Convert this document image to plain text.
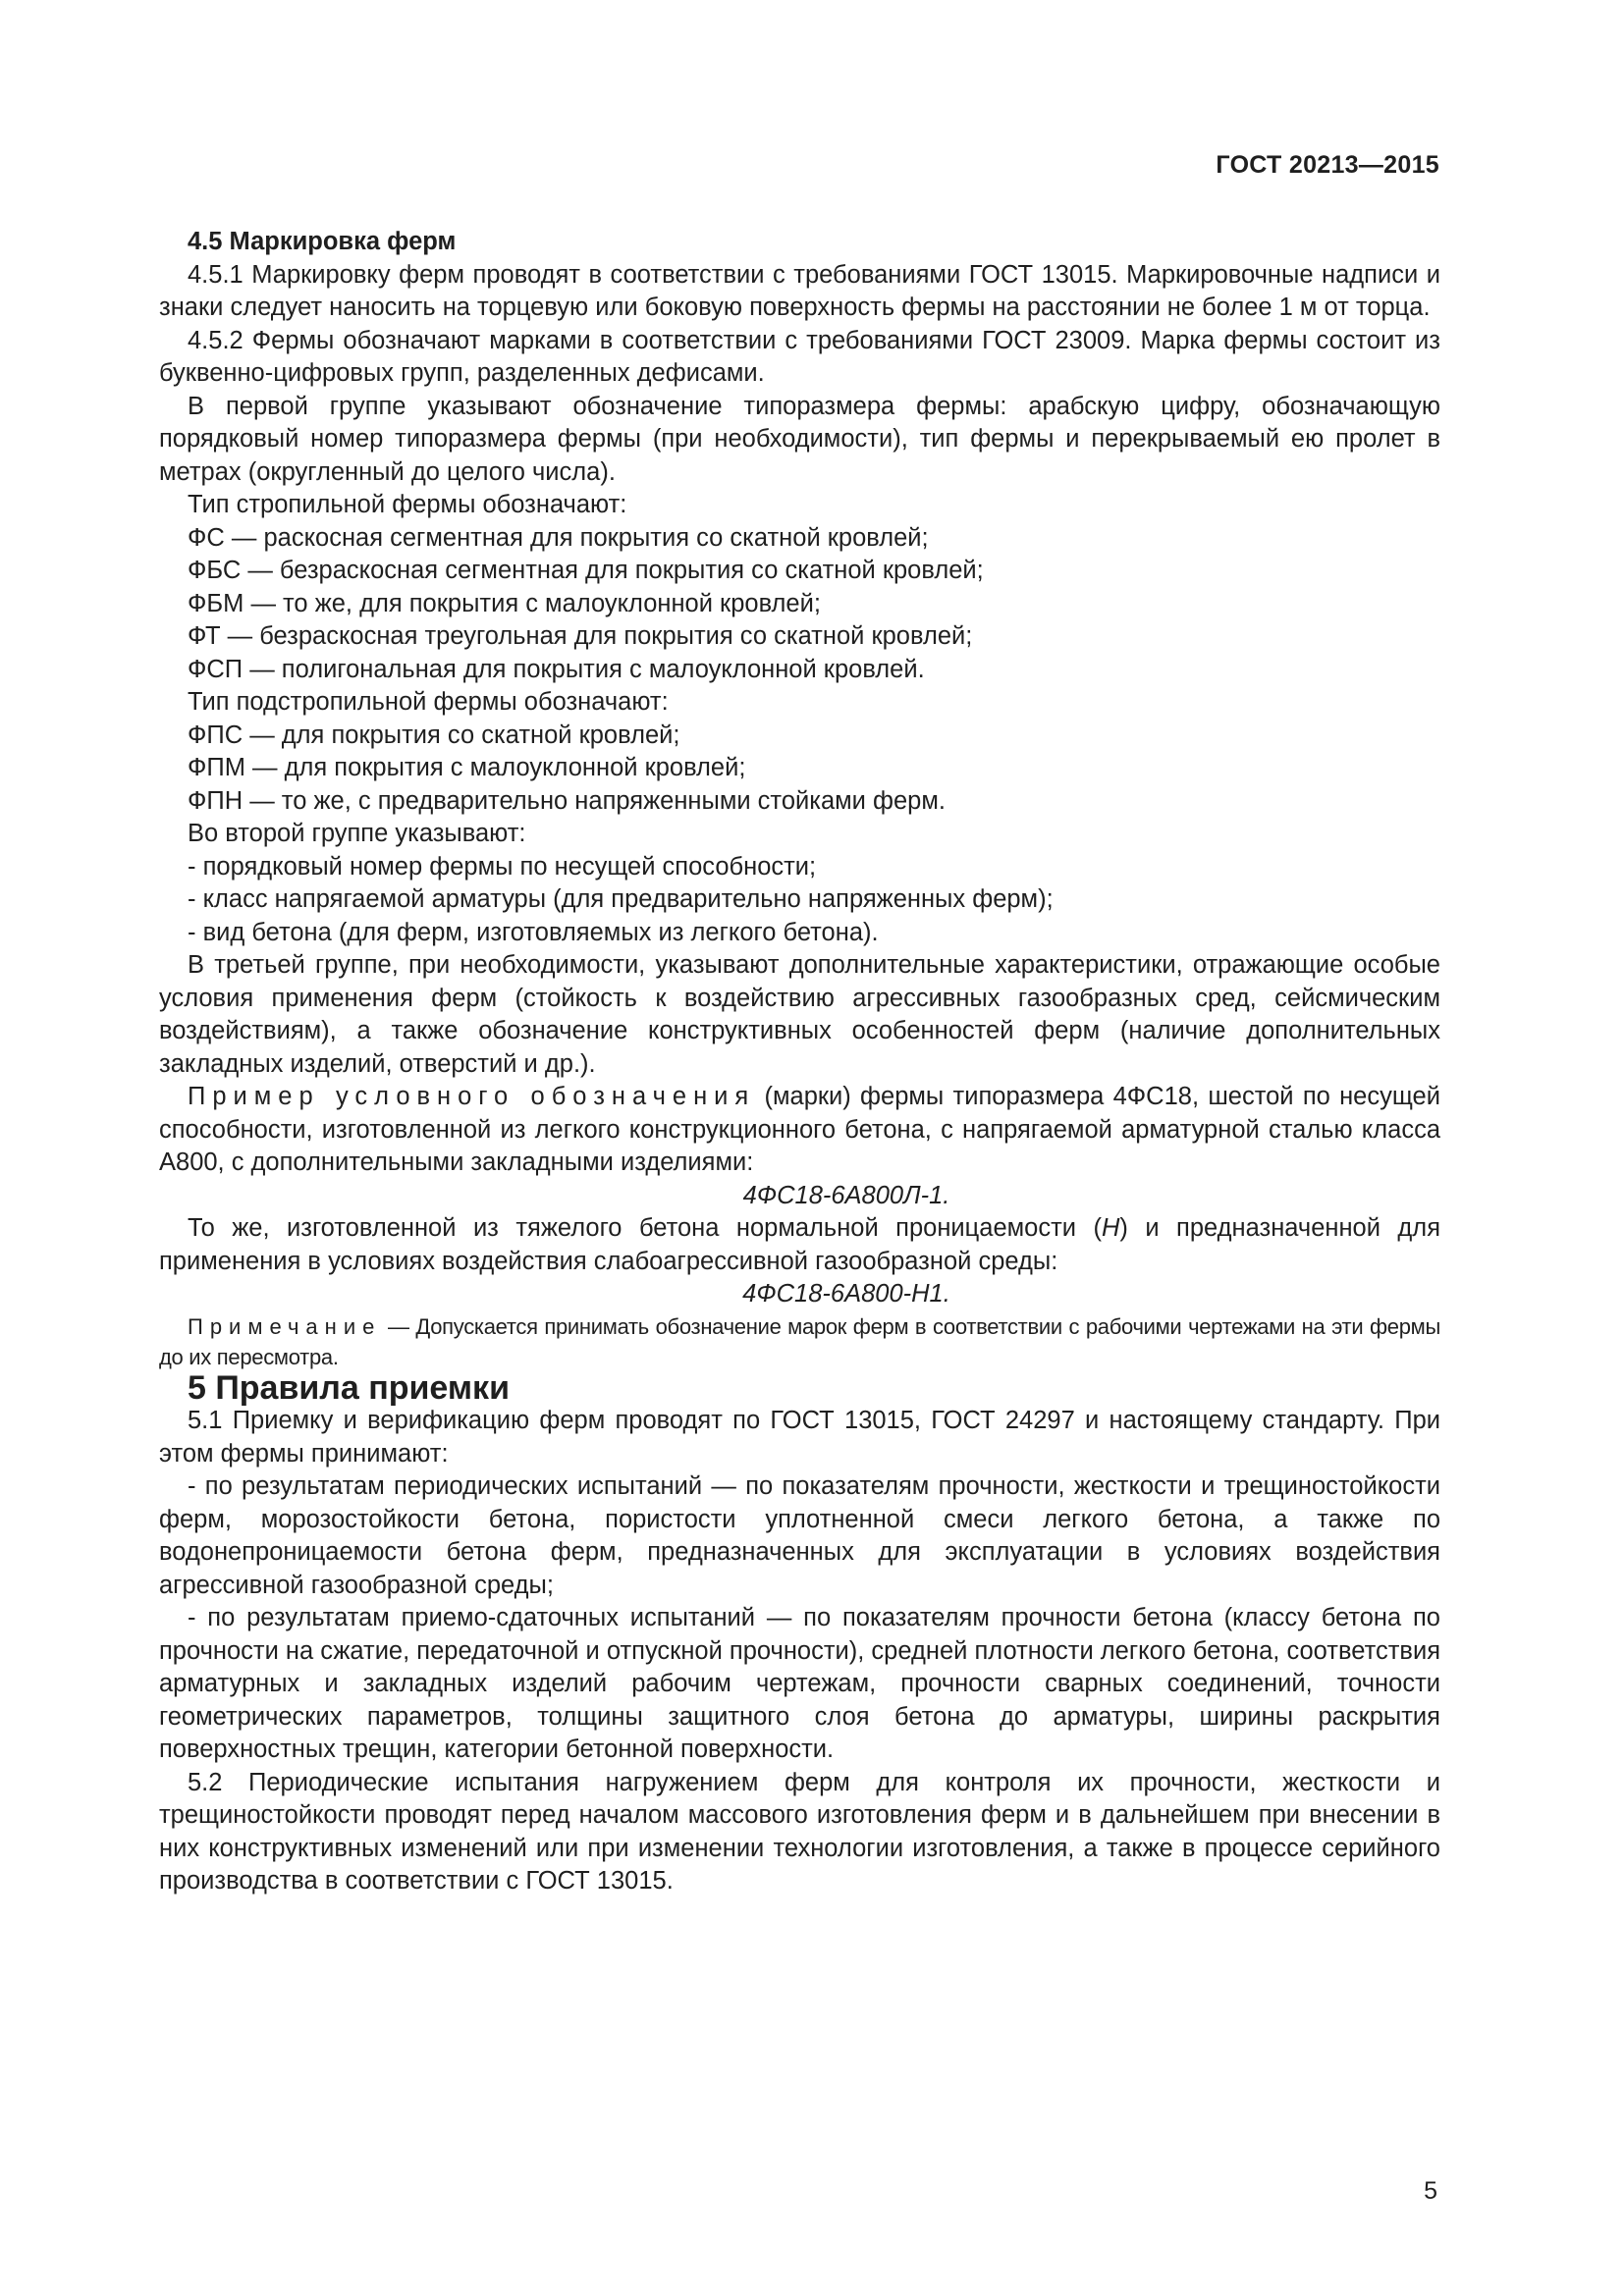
ГОСТ 20213—2015

4.5 Маркировка ферм

4.5.1 Маркировку ферм проводят в соответствии с требованиями ГОСТ 13015. Маркировочные надписи и знаки следует наносить на торцевую или боковую поверхность фермы на расстоянии не более 1 м от торца.

4.5.2 Фермы обозначают марками в соответствии с требованиями ГОСТ 23009. Марка фермы состоит из буквенно-цифровых групп, разделенных дефисами.

В первой группе указывают обозначение типоразмера фермы: арабскую цифру, обозначающую порядковый номер типоразмера фермы (при необходимости), тип фермы и перекрываемый ею пролет в метрах (округленный до целого числа).

Тип стропильной фермы обозначают:

ФС — раскосная сегментная для покрытия со скатной кровлей;

ФБС — безраскосная сегментная для покрытия со скатной кровлей;

ФБМ — то же, для покрытия с малоуклонной кровлей;

ФТ — безраскосная треугольная для покрытия со скатной кровлей;

ФСП — полигональная для покрытия с малоуклонной кровлей.

Тип подстропильной фермы обозначают:

ФПС — для покрытия со скатной кровлей;

ФПМ — для покрытия с малоуклонной кровлей;

ФПН — то же, с предварительно напряженными стойками ферм.

Во второй группе указывают:

- порядковый номер фермы по несущей способности;

- класс напрягаемой арматуры (для предварительно напряженных ферм);

- вид бетона (для ферм, изготовляемых из легкого бетона).

В третьей группе, при необходимости, указывают дополнительные характеристики, отражающие особые условия применения ферм (стойкость к воздействию агрессивных газообразных сред, сейсмическим воздействиям), а также обозначение конструктивных особенностей ферм (наличие дополнительных закладных изделий, отверстий и др.).

Пример условного обозначения (марки) фермы типоразмера 4ФС18, шестой по несущей способности, изготовленной из легкого конструкционного бетона, с напрягаемой арматурной сталью класса А800, с дополнительными закладными изделиями:

4ФС18-6А800Л-1.

То же, изготовленной из тяжелого бетона нормальной проницаемости (Н) и предназначенной для применения в условиях воздействия слабоагрессивной газообразной среды:

4ФС18-6А800-Н1.

Примечание — Допускается принимать обозначение марок ферм в соответствии с рабочими чертежами на эти фермы до их пересмотра.

5 Правила приемки

5.1 Приемку и верификацию ферм проводят по ГОСТ 13015, ГОСТ 24297 и настоящему стандарту. При этом фермы принимают:

- по результатам периодических испытаний — по показателям прочности, жесткости и трещиностойкости ферм, морозостойкости бетона, пористости уплотненной смеси легкого бетона, а также по водонепроницаемости бетона ферм, предназначенных для эксплуатации в условиях воздействия агрессивной газообразной среды;

- по результатам приемо-сдаточных испытаний — по показателям прочности бетона (классу бетона по прочности на сжатие, передаточной и отпускной прочности), средней плотности легкого бетона, соответствия арматурных и закладных изделий рабочим чертежам, прочности сварных соединений, точности геометрических параметров, толщины защитного слоя бетона до арматуры, ширины раскрытия поверхностных трещин, категории бетонной поверхности.

5.2 Периодические испытания нагружением ферм для контроля их прочности, жесткости и трещиностойкости проводят перед началом массового изготовления ферм и в дальнейшем при внесении в них конструктивных изменений или при изменении технологии изготовления, а также в процессе серийного производства в соответствии с ГОСТ 13015.

5
